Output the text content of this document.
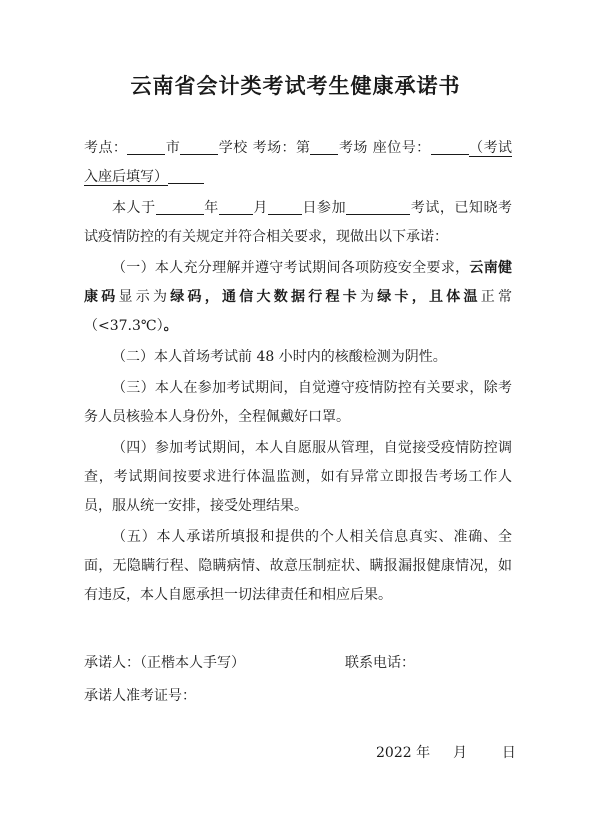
云南省会计类考试考生健康承诺书
考点：	市	学校 考场：第 考场 座位号：	（考试入座后填写）
本人于	年 月 日参加	考试，已知晓考试疫情防控的有关规定并符合相关要求，现做出以下承诺：
（一）本人充分理解并遵守考试期间各项防疫安全要求，云南健康码显示为绿码，通信大数据行程卡为绿卡，且体温正常（<37.3℃）。
（二）本人首场考试前 48 小时内的核酸检测为阴性。
（三）本人在参加考试期间，自觉遵守疫情防控有关要求，除考务人员核验本人身份外，全程佩戴好口罩。
（四）参加考试期间，本人自愿服从管理，自觉接受疫情防控调查，考试期间按要求进行体温监测，如有异常立即报告考场工作人员，服从统一安排，接受处理结果。
（五）本人承诺所填报和提供的个人相关信息真实、准确、全面，无隐瞒行程、隐瞒病情、故意压制症状、瞒报漏报健康情况，如有违反，本人自愿承担一切法律责任和相应后果。
承诺人：（正楷本人手写）	联系电话：
承诺人准考证号：
2022 年 月 日
